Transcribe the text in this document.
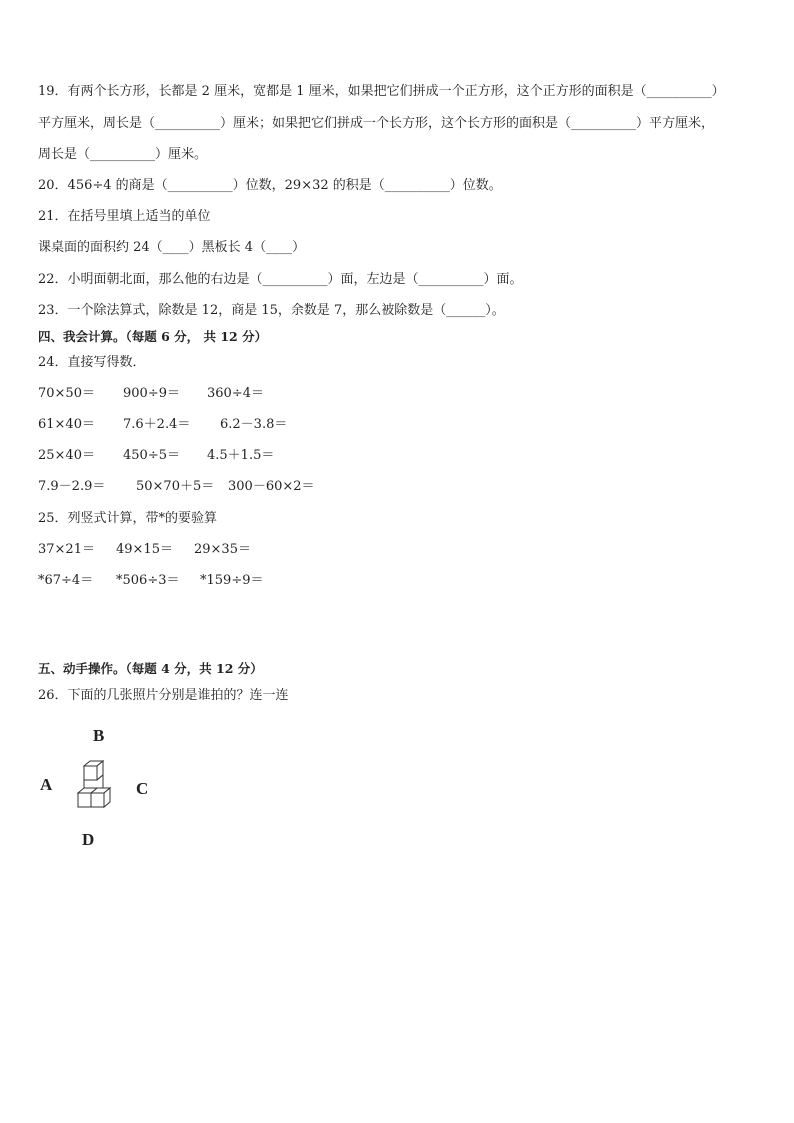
19．有两个长方形，长都是 2 厘米，宽都是 1 厘米，如果把它们拼成一个正方形，这个正方形的面积是（__________）
平方厘米，周长是（__________）厘米；如果把它们拼成一个长方形，这个长方形的面积是（__________）平方厘米，
周长是（__________）厘米。
20．456÷4 的商是（__________）位数，29×32 的积是（__________）位数。
21．在括号里填上适当的单位
课桌面的面积约 24（____）黑板长 4（____）
22．小明面朝北面，那么他的右边是（__________）面，左边是（__________）面。
23．一个除法算式，除数是 12，商是 15，余数是 7，那么被除数是（______）。
四、我会计算。（每题 6 分， 共 12 分）
24．直接写得数．
70×50＝ 900÷9＝ 360÷4＝
61×40＝ 7.6＋2.4＝ 6.2－3.8＝
25×40＝ 450÷5＝ 4.5＋1.5＝
7.9－2.9＝ 50×70＋5＝ 300－60×2＝
25．列竖式计算，带*的要验算
37×21＝ 49×15＝ 29×35＝
*67÷4＝ *506÷3＝ *159÷9＝
五、动手操作。（每题 4 分，共 12 分）
26．下面的几张照片分别是谁拍的？连一连
B
A	C
D
